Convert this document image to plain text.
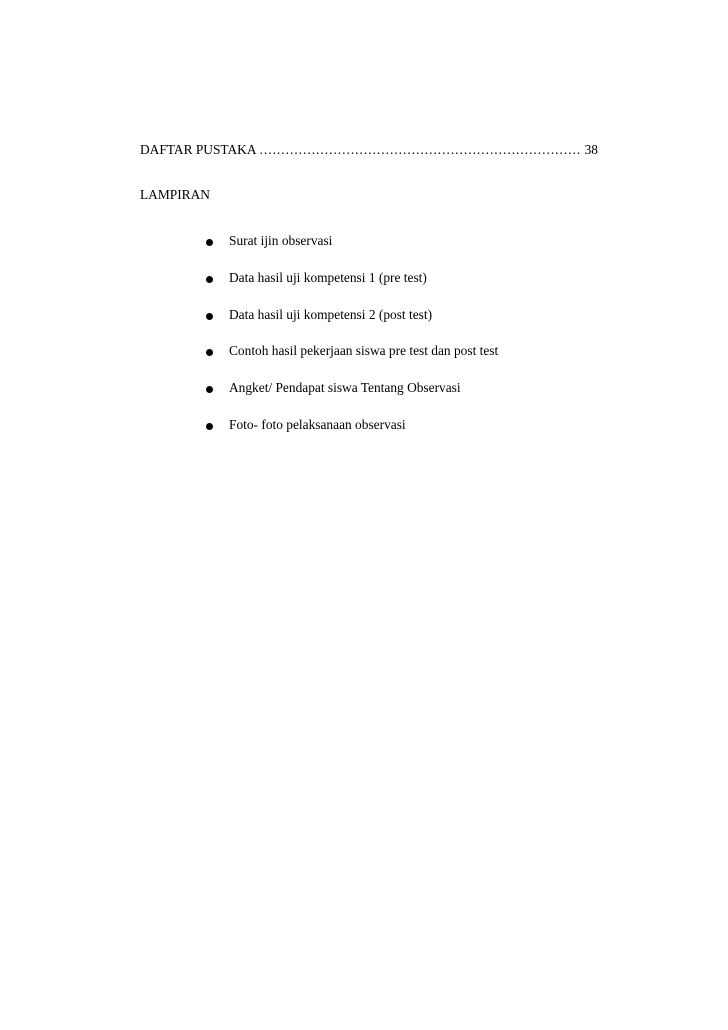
DAFTAR PUSTAKA
.....	38
LAMPIRAN
Surat ijin observasi
Data hasil uji kompetensi 1 (pre test)
Data hasil uji kompetensi 2 (post test)
Contoh hasil pekerjaan siswa pre test dan post test
Angket/ Pendapat siswa Tentang Observasi
Foto- foto pelaksanaan observasi
